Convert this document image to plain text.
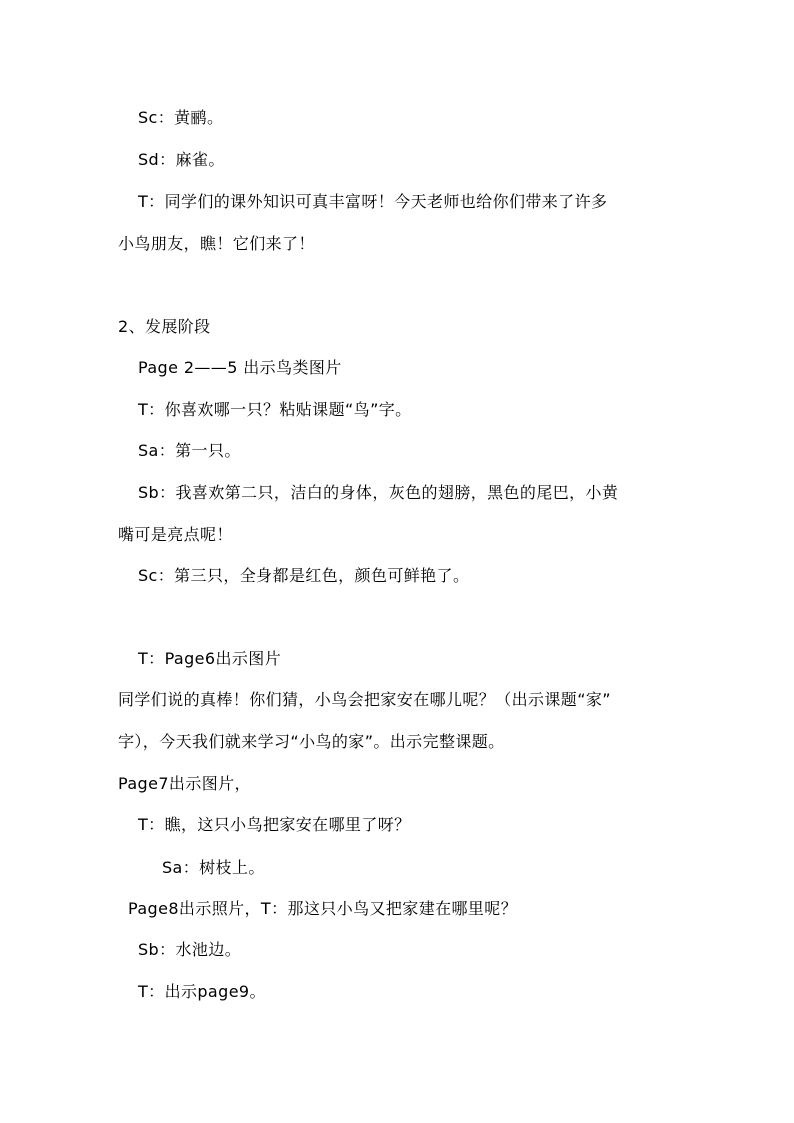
Sc：黄鹂。
Sd：麻雀。
T：同学们的课外知识可真丰富呀！今天老师也给你们带来了许多
小鸟朋友，瞧！它们来了！
2、发展阶段
Page 2——5 出示鸟类图片
T：你喜欢哪一只？粘贴课题“鸟”字。
Sa：第一只。
Sb：我喜欢第二只，洁白的身体，灰色的翅膀，黑色的尾巴，小黄
嘴可是亮点呢！
Sc：第三只，全身都是红色，颜色可鲜艳了。
T：Page6出示图片
同学们说的真棒！你们猜，小鸟会把家安在哪儿呢？（出示课题“家”
字），今天我们就来学习“小鸟的家”。出示完整课题。
Page7出示图片，
T：瞧，这只小鸟把家安在哪里了呀？
Sa：树枝上。
Page8出示照片，T：那这只小鸟又把家建在哪里呢？
Sb：水池边。
T：出示page9。
